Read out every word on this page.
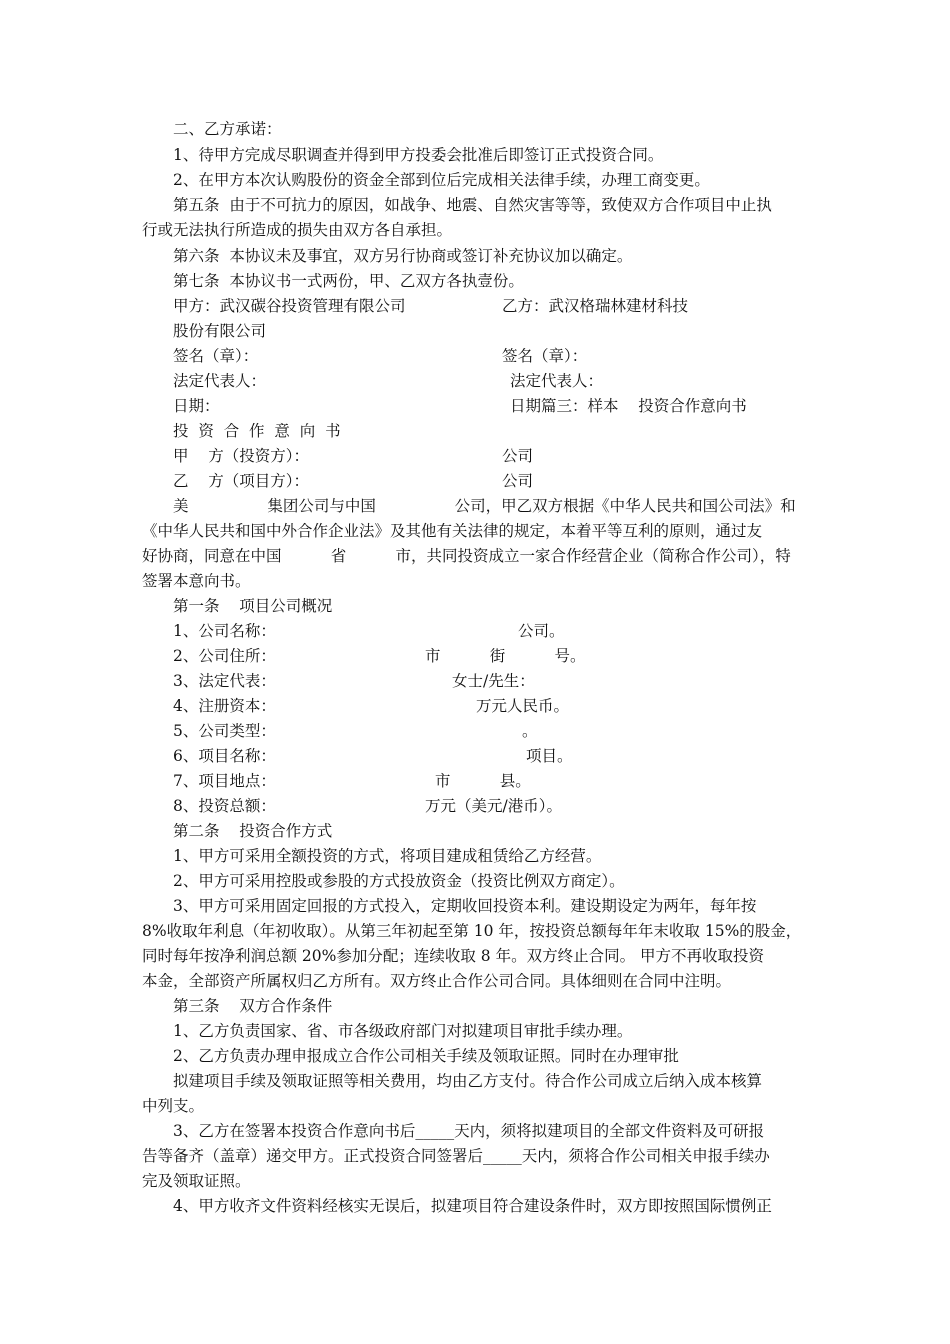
二、乙方承诺：
1、待甲方完成尽职调查并得到甲方投委会批准后即签订正式投资合同。
2、在甲方本次认购股份的资金全部到位后完成相关法律手续，办理工商变更。
第五条  由于不可抗力的原因，如战争、地震、自然灾害等等，致使双方合作项目中止执
行或无法执行所造成的损失由双方各自承担。
第六条  本协议未及事宜，双方另行协商或签订补充协议加以确定。
第七条  本协议书一式两份，甲、乙双方各执壹份。
甲方：武汉碳谷投资管理有限公司	乙方：武汉格瑞林建材科技
股份有限公司
签名（章）：	签名（章）：
法定代表人：	法定代表人：
日期：	日期篇三：样本    投资合作意向书
投  资  合  作  意  向  书
甲    方（投资方）：	公司
乙    方（项目方）：	公司
美                集团公司与中国                公司，甲乙双方根据《中华人民共和国公司法》和
《中华人民共和国中外合作企业法》及其他有关法律的规定，本着平等互利的原则，通过友
好协商，同意在中国          省          市，共同投资成立一家合作经营企业（简称合作公司），特
签署本意向书。
第一条    项目公司概况
1、公司名称：	公司。
2、公司住所：	市          街          号。
3、法定代表：	女士/先生：
4、注册资本：	万元人民币。
5、公司类型：	。
6、项目名称：	项目。
7、项目地点：	市          县。
8、投资总额：	万元（美元/港币）。
第二条    投资合作方式
1、甲方可采用全额投资的方式，将项目建成租赁给乙方经营。
2、甲方可采用控股或参股的方式投放资金（投资比例双方商定）。
3、甲方可采用固定回报的方式投入，定期收回投资本利。建设期设定为两年，每年按
8%收取年利息（年初收取）。从第三年初起至第 10 年，按投资总额每年年末收取 15%的股金，
同时每年按净利润总额 20%参加分配；连续收取 8 年。双方终止合同。 甲方不再收取投资
本金，全部资产所属权归乙方所有。双方终止合作公司合同。具体细则在合同中注明。
第三条    双方合作条件
1、乙方负责国家、省、市各级政府部门对拟建项目审批手续办理。
2、乙方负责办理申报成立合作公司相关手续及领取证照。同时在办理审批
拟建项目手续及领取证照等相关费用，均由乙方支付。待合作公司成立后纳入成本核算
中列支。
3、乙方在签署本投资合作意向书后_____天内，须将拟建项目的全部文件资料及可研报
告等备齐（盖章）递交甲方。正式投资合同签署后_____天内，须将合作公司相关申报手续办
完及领取证照。
4、甲方收齐文件资料经核实无误后，拟建项目符合建设条件时，双方即按照国际惯例正
